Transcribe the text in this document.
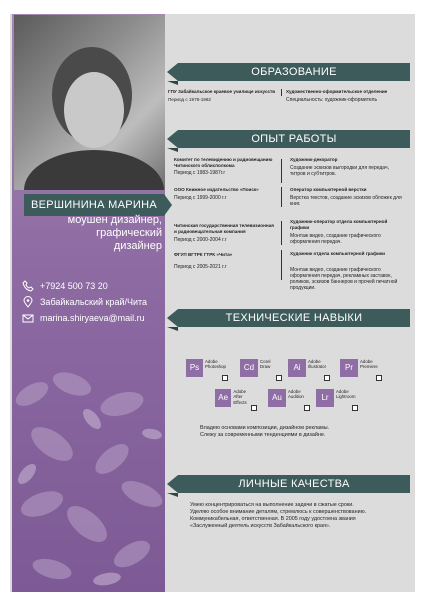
ВЕРШИНИНА МАРИНА
моушен дизайнер,
графический дизайнер
+7924 500 73 20
Забайкальский край/Чита
marina.shiryaeva@mail.ru
ОБРАЗОВАНИЕ
ГПУ Забайкальское краевое училище искусств
Период с 1978-1982
Художественно-оформительское отделение
Специальность: художник-оформитель
ОПЫТ РАБОТЫ
Комитет по телевидению и радиовещанию
Читинского облисполкома
Период с 1983-1987г.г
Художник-декоратор
Создание эскизов выгородки для передач, титров и субтитров.
ООО Книжное издательство «Поиск»
Период с 1999-2000 г.г
Оператор компьютерной верстки
Верстка текстов, создание эскизов обложек для книг.
Читинская государственная телевизионная
и радиовещательная компания
Период с 2000-2004 г.г
Художник-оператор отдела компьютерной графики
Монтаж видео, создание графического оформления передач.
ФГУП ВГТРК ГТРК «Чита»
Период с 2005-2021 г.г
Художник отдела компьютерной графики
Монтаж видео, создание графического оформления передач, рекламных заставок, роликов, эскизов баннеров и прочей печатной продукции.
ТЕХНИЧЕСКИЕ НАВЫКИ
Ps
Adobe
Photoshop	Cd
Corel
Draw	Ai
Adobe
Illustrator	Pr
Adobe
Premiere
Ae
Adobe
After Effects
Au
Adobe
Audition	Lr
Adobe
Lightroom
Владею основами композиции, дизайном рекламы.
Слежу за современными тенденциями в дизайне.
ЛИЧНЫЕ КАЧЕСТВА
Умею концентрироваться на выполнение задачи в сжатые сроки.
Уделяю особое внимание деталям, стремлюсь к совершенствованию.
Коммуникабельная, ответственная. В 2005 году удостоена звания
«Заслуженный деятель искусств Забайкальского края».
